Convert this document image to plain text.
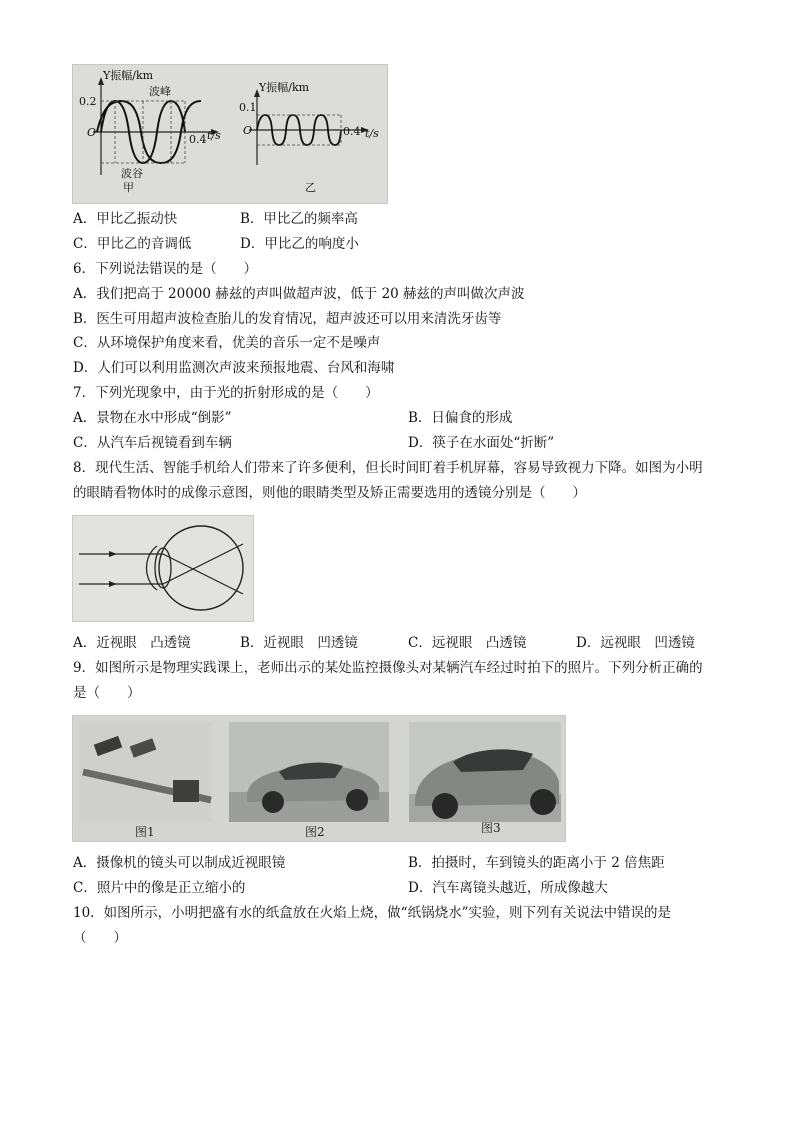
Y振幅/km
0.2
O
0.4 t/s
波峰
波谷
甲
Y振幅/km
0.1
O	0.4 t/s
乙
A．甲比乙振动快	B．甲比乙的频率高
C．甲比乙的音调低	D．甲比乙的响度小
6．下列说法错误的是（　　）
A．我们把高于 20000 赫兹的声叫做超声波，低于 20 赫兹的声叫做次声波
B．医生可用超声波检查胎儿的发育情况，超声波还可以用来清洗牙齿等
C．从环境保护角度来看，优美的音乐一定不是噪声
D．人们可以利用监测次声波来预报地震、台风和海啸
7．下列光现象中，由于光的折射形成的是（　　）
A．景物在水中形成“倒影”	B．日偏食的形成
C．从汽车后视镜看到车辆	D．筷子在水面处“折断”
8．现代生活、智能手机给人们带来了许多便利，但长时间盯着手机屏幕，容易导致视力下降。如图为小明
的眼睛看物体时的成像示意图，则他的眼睛类型及矫正需要选用的透镜分别是（　　）
A．近视眼　凸透镜	B．近视眼　凹透镜	C．远视眼　凸透镜	D．远视眼　凹透镜
9．如图所示是物理实践课上，老师出示的某处监控摄像头对某辆汽车经过时拍下的照片。下列分析正确的
是（　　）
图1	图2	图3
A．摄像机的镜头可以制成近视眼镜	B．拍摄时，车到镜头的距离小于 2 倍焦距
C．照片中的像是正立缩小的	D．汽车离镜头越近，所成像越大
10．如图所示，小明把盛有水的纸盒放在火焰上烧，做“纸锅烧水”实验，则下列有关说法中错误的是
（　　）
